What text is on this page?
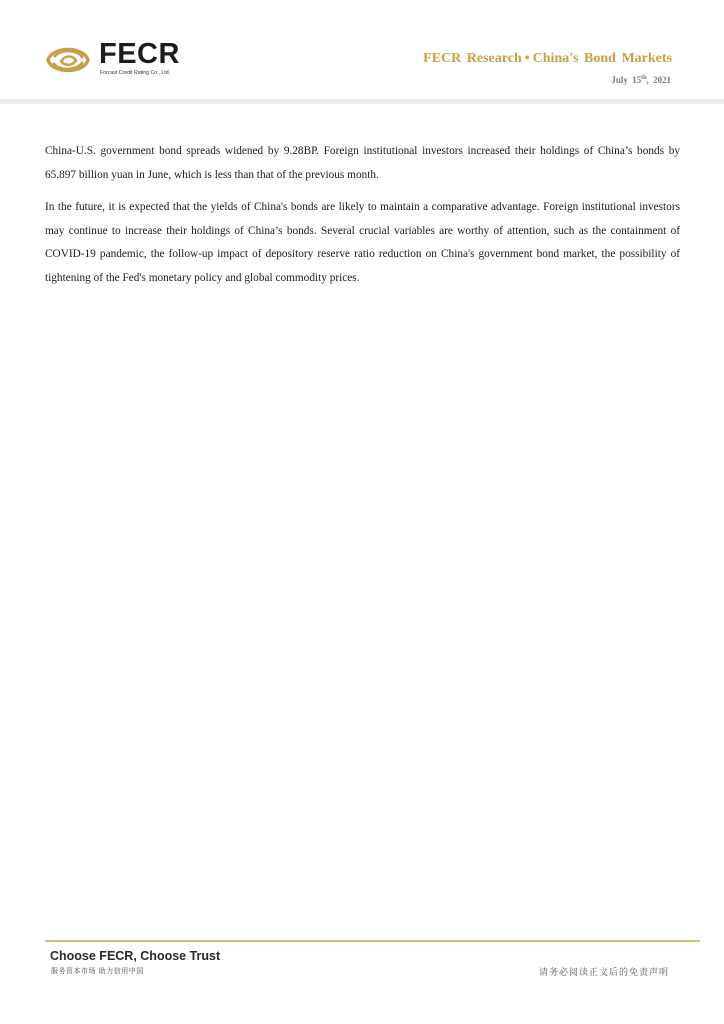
FECR
Forcast Credit Rating Co., Ltd.
FECR Research • China's Bond Markets
July 15th, 2021

China-U.S. government bond spreads widened by 9.28BP. Foreign institutional investors increased their holdings of China’s bonds by 65.897 billion yuan in June, which is less than that of the previous month.

In the future, it is expected that the yields of China's bonds are likely to maintain a comparative advantage. Foreign institutional investors may continue to increase their holdings of China’s bonds. Several crucial variables are worthy of attention, such as the containment of COVID-19 pandemic, the follow-up impact of depository reserve ratio reduction on China's government bond market, the possibility of tightening of the Fed's monetary policy and global commodity prices.

Choose FECR, Choose Trust
服务资本市场 助力信用中国	请务必阅读正文后的免责声明
